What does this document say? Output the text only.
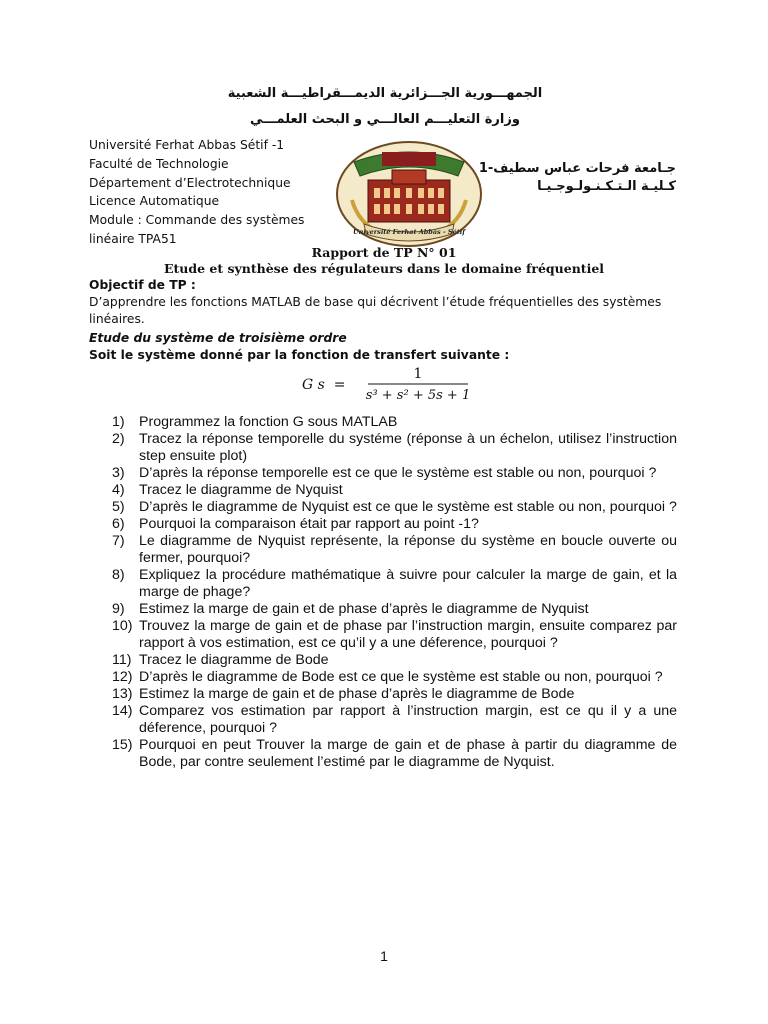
الجمهـــورية الجـــزائرية الديمـــقراطيـــة الشعبية
وزارة التعليـــم العالـــي و البحث العلمـــي
Université Ferhat Abbas Sétif -1
Faculté de Technologie
Département d’Electrotechnique
Licence Automatique
Module : Commande des systèmes
linéaire TPA51	Université Ferhat Abbas - Sétif
جـامعة فرحات عباس سطيف-1
كـليـة الـتـكـنـولـوجـيـا
Rapport de TP N° 01
Etude et synthèse des régulateurs dans le domaine fréquentiel
Objectif de TP :
D’apprendre les fonctions MATLAB de base qui décrivent l’étude fréquentielles des systèmes linéaires.
Etude du système de troisième ordre
Soit le système donné par la fonction de transfert suivante :
G s  =
1
s³ + s² + 5s + 1
1) Programmez la fonction G sous MATLAB
2) Tracez la réponse temporelle du systéme (réponse à un échelon, utilisez l’instruction step ensuite plot)
3) D’après la réponse temporelle est ce que le système est stable ou non, pourquoi ?
4) Tracez le diagramme de Nyquist
5) D’après le diagramme de Nyquist est ce que le système est stable ou non, pourquoi ?
6) Pourquoi la comparaison était par rapport au point -1?
7) Le diagramme de Nyquist représente, la réponse du système en boucle ouverte ou fermer, pourquoi?
8) Expliquez la procédure mathématique à suivre pour calculer la marge de gain, et la marge de phage?
9) Estimez la marge de gain et de phase d’après le diagramme de Nyquist
10) Trouvez la marge de gain et de phase par l’instruction margin, ensuite comparez par rapport à vos estimation, est ce qu’il y a une déference, pourquoi ?
11) Tracez le diagramme de Bode
12) D’après le diagramme de Bode est ce que le système est stable ou non, pourquoi ?
13) Estimez la marge de gain et de phase d’après le diagramme de Bode
14) Comparez vos estimation par rapport à l’instruction margin, est ce qu il y a une déference, pourquoi ?
15) Pourquoi en peut Trouver la marge de gain et de phase à partir du diagramme de Bode, par contre seulement l’estimé par le diagramme de Nyquist.
1
